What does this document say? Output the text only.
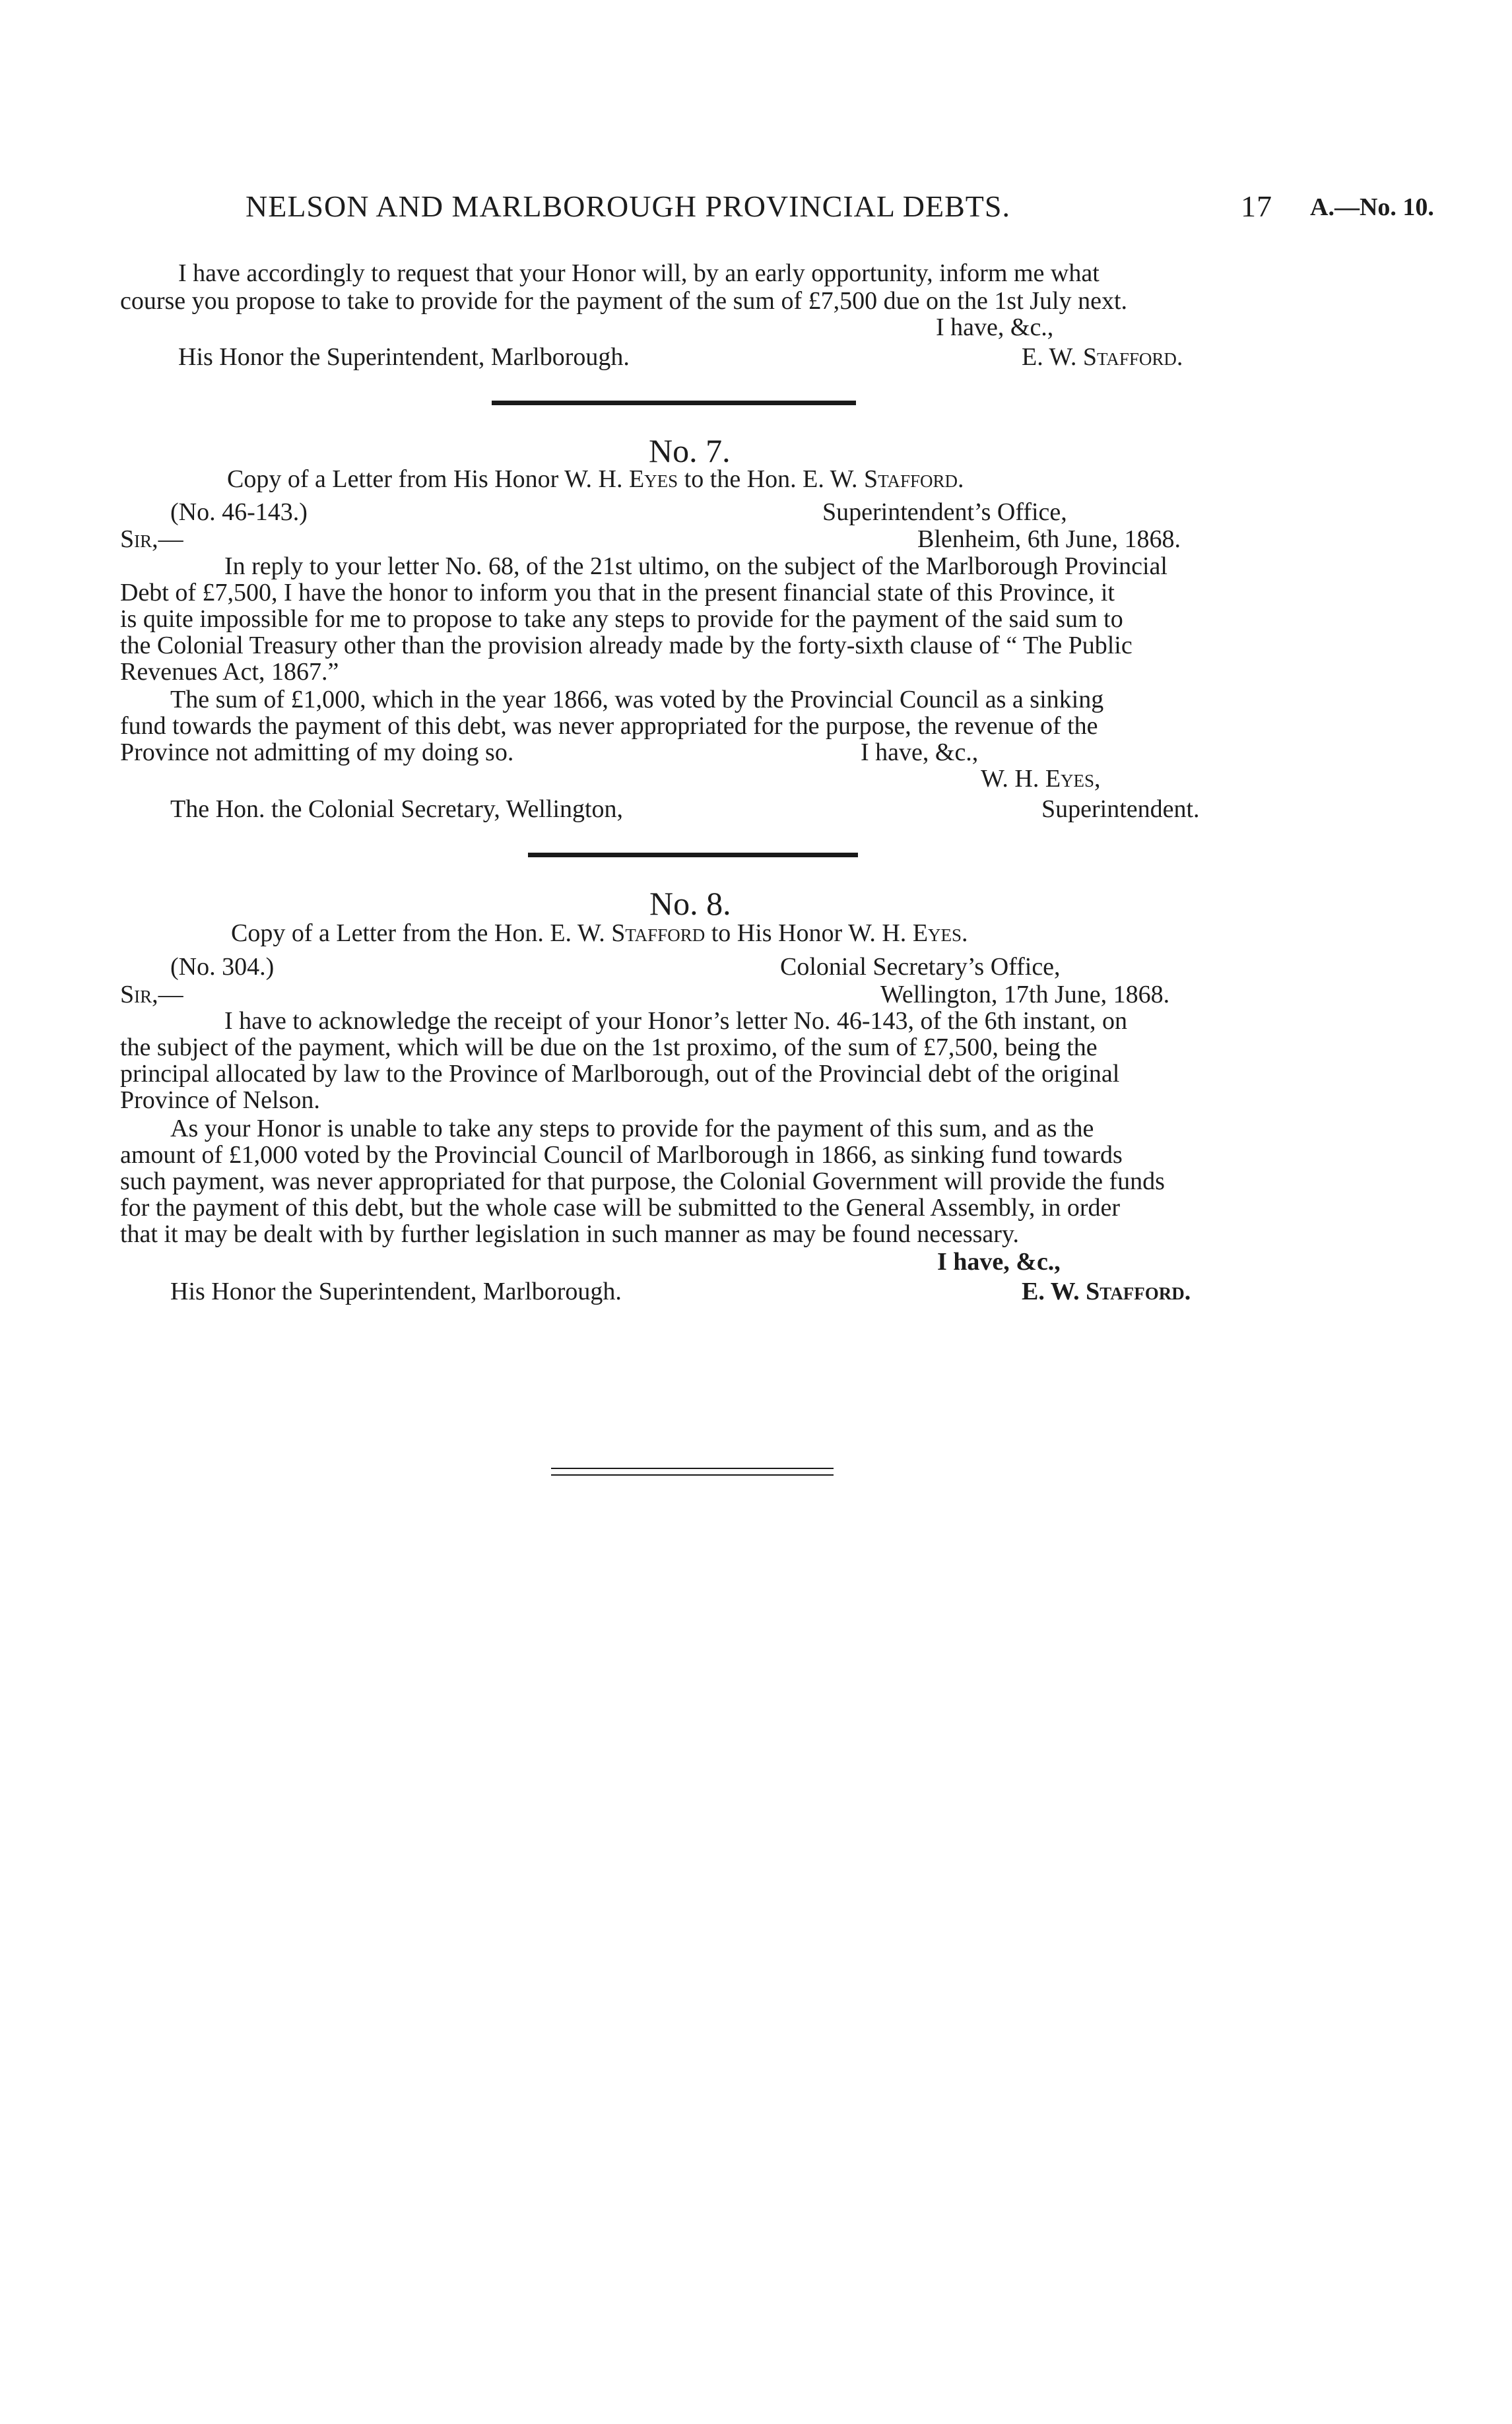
NELSON AND MARLBOROUGH PROVINCIAL DEBTS.	17 A.—No. 10.
I have accordingly to request that your Honor will, by an early opportunity, inform me what
course you propose to take to provide for the payment of the sum of £7,500 due on the 1st July next.
I have, &c.,
His Honor the Superintendent, Marlborough.	E. W. Stafford.
No. 7.
Copy of a Letter from His Honor W. H. Eyes to the Hon. E. W. Stafford.
(No. 46-143.)	Superintendent’s Office,
Sir,—	Blenheim, 6th June, 1868.
In reply to your letter No. 68, of the 21st ultimo, on the subject of the Marlborough Provincial
Debt of £7,500, I have the honor to inform you that in the present financial state of this Province, it
is quite impossible for me to propose to take any steps to provide for the payment of the said sum to
the Colonial Treasury other than the provision already made by the forty-sixth clause of “ The Public
Revenues Act, 1867.”
The sum of £1,000, which in the year 1866, was voted by the Provincial Council as a sinking
fund towards the payment of this debt, was never appropriated for the purpose, the revenue of the
Province not admitting of my doing so.	I have, &c.,
W. H. Eyes,
The Hon. the Colonial Secretary, Wellington,	Superintendent.
No. 8.
Copy of a Letter from the Hon. E. W. Stafford to His Honor W. H. Eyes.
(No. 304.)	Colonial Secretary’s Office,
Sir,—	Wellington, 17th June, 1868.
I have to acknowledge the receipt of your Honor’s letter No. 46-143, of the 6th instant, on
the subject of the payment, which will be due on the 1st proximo, of the sum of £7,500, being the
principal allocated by law to the Province of Marlborough, out of the Provincial debt of the original
Province of Nelson.
As your Honor is unable to take any steps to provide for the payment of this sum, and as the
amount of £1,000 voted by the Provincial Council of Marlborough in 1866, as sinking fund towards
such payment, was never appropriated for that purpose, the Colonial Government will provide the funds
for the payment of this debt, but the whole case will be submitted to the General Assembly, in order
that it may be dealt with by further legislation in such manner as may be found necessary.
I have, &c.,
His Honor the Superintendent, Marlborough.	E. W. Stafford.
